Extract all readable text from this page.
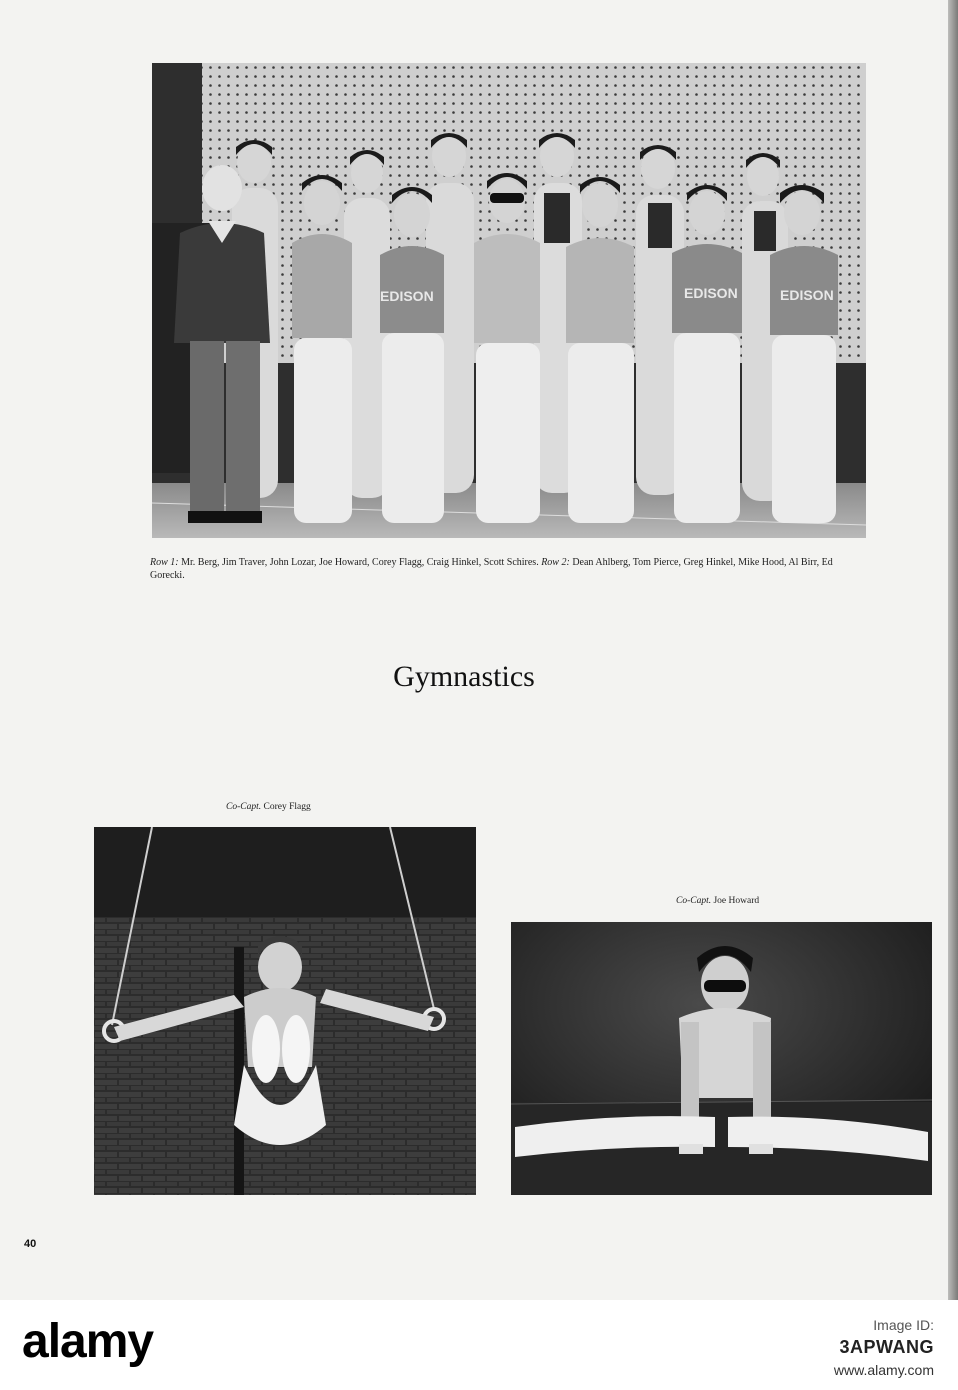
EDISON	EDISON	EDISON
Row 1: Mr. Berg, Jim Traver, John Lozar, Joe Howard, Corey Flagg, Craig Hinkel, Scott Schires. Row 2: Dean Ahlberg, Tom Pierce, Greg Hinkel, Mike Hood, Al Birr, Ed Gorecki.
Gymnastics
Co-Capt. Corey Flagg
Co-Capt. Joe Howard
40
alamy	Image ID:
3APWANG
www.alamy.com
